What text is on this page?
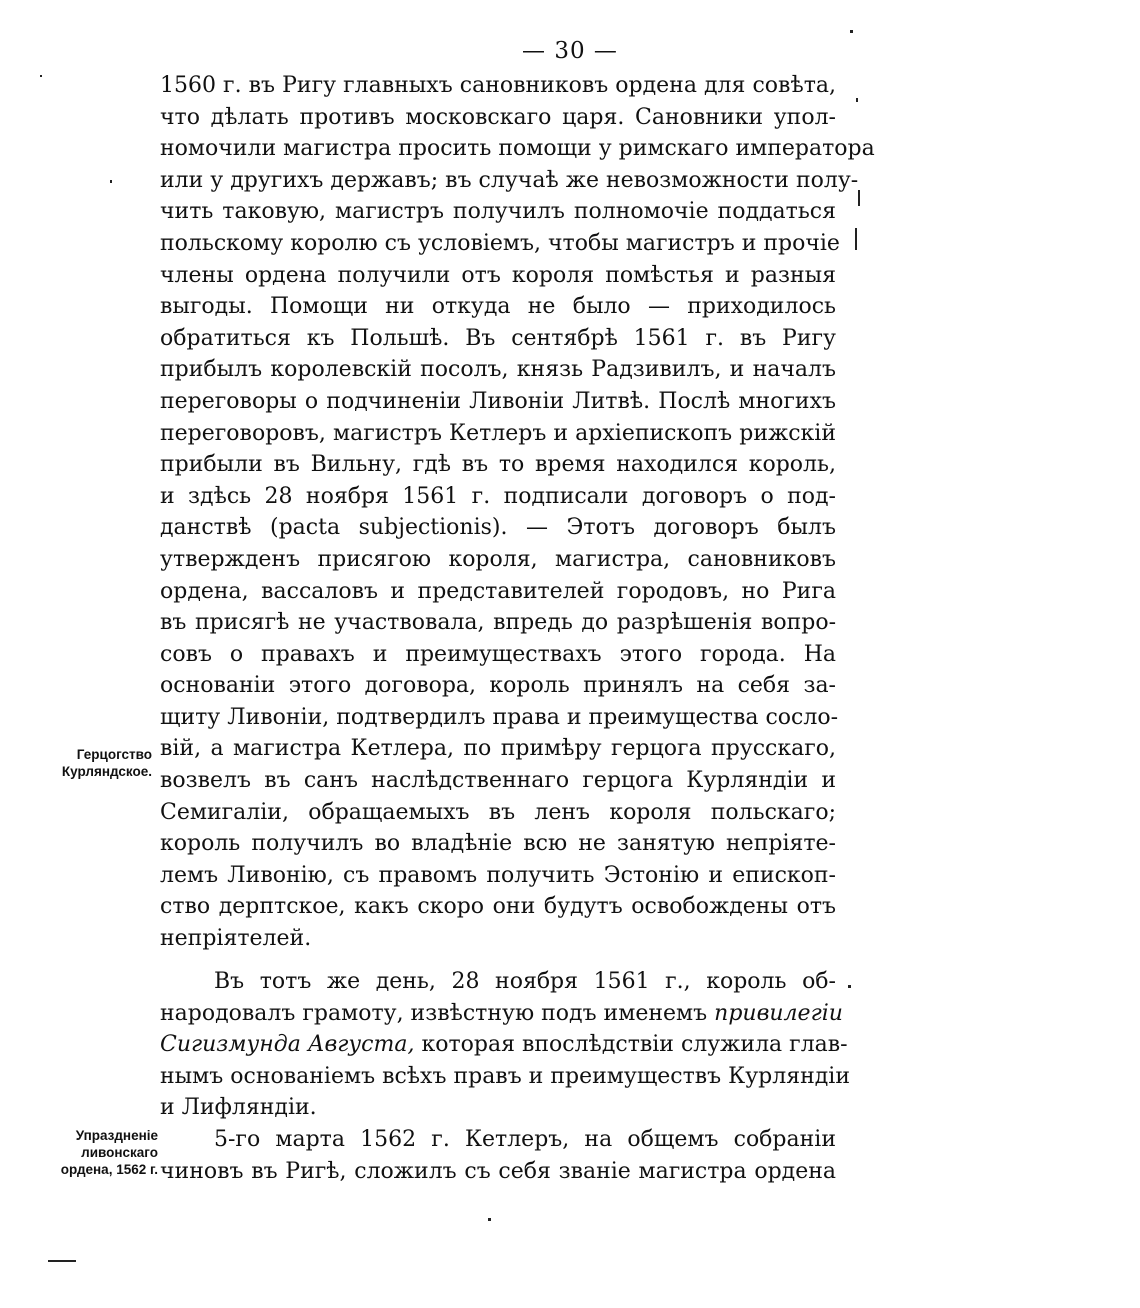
— 30 —
1560 г. въ Ригу главныхъ сановниковъ ордена для совѣта,
что дѣлать противъ московскаго царя. Сановники упол-
номочили магистра просить помощи у римскаго императора
или у другихъ державъ; въ случаѣ же невозможности полу-
чить таковую, магистръ получилъ полномочіе поддаться
польскому королю съ условіемъ, чтобы магистръ и прочіе
члены ордена получили отъ короля помѣстья и разныя
выгоды. Помощи ни откуда не было — приходилось
обратиться къ Польшѣ. Въ сентябрѣ 1561 г. въ Ригу
прибылъ королевскій посолъ, князь Радзивилъ, и началъ
переговоры о подчиненіи Ливоніи Литвѣ. Послѣ многихъ
переговоровъ, магистръ Кетлеръ и архіепископъ рижскій
прибыли въ Вильну, гдѣ въ то время находился король,
и здѣсь 28 ноября 1561 г. подписали договоръ о под-
данствѣ (pacta subjectionis). — Этотъ договоръ былъ
утвержденъ присягою короля, магистра, сановниковъ
ордена, вассаловъ и представителей городовъ, но Рига
въ присягѣ не участвовала, впредь до разрѣшенія вопро-
совъ о правахъ и преимуществахъ этого города. На
основаніи этого договора, король принялъ на себя за-
щиту Ливоніи, подтвердилъ права и преимущества сосло-
вій, а магистра Кетлера, по примѣру герцога прусскаго,
возвелъ въ санъ наслѣдственнаго герцога Курляндіи и
Семигаліи, обращаемыхъ въ ленъ короля польскаго;
король получилъ во владѣніе всю не занятую непріяте-
лемъ Ливонію, съ правомъ получить Эстонію и епископ-
ство дерптское, какъ скоро они будутъ освобождены отъ
непріятелей.
Въ тотъ же день, 28 ноября 1561 г., король об-
народовалъ грамоту, извѣстную подъ именемъ привилегіи
Сигизмунда Августа, которая впослѣдствіи служила глав-
нымъ основаніемъ всѣхъ правъ и преимуществъ Курляндіи
и Лифляндіи.
5-го марта 1562 г. Кетлеръ, на общемъ собраніи
чиновъ въ Ригѣ, сложилъ съ себя званіе магистра ордена
Герцогство
Курляндское.
Упраздненіе
ливонскаго
ордена, 1562 г.
